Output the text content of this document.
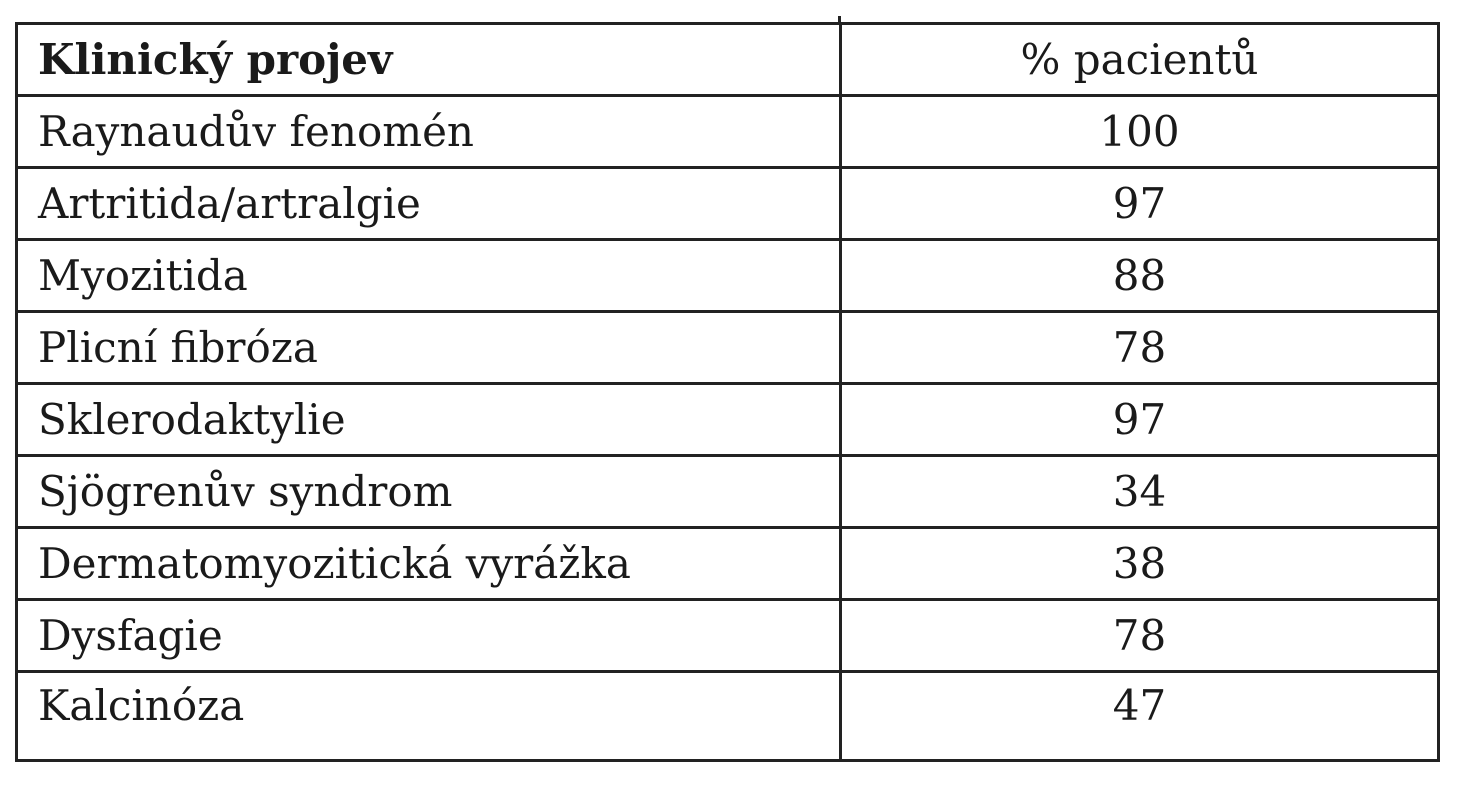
Klinický projev	% pacientů
Raynaudův fenomén	100
Artritida/artralgie	97
Myozitida	88
Plicní fibróza	78
Sklerodaktylie	97
Sjögrenův syndrom	34
Dermatomyozitická vyrážka	38
Dysfagie	78
Kalcinóza	47
